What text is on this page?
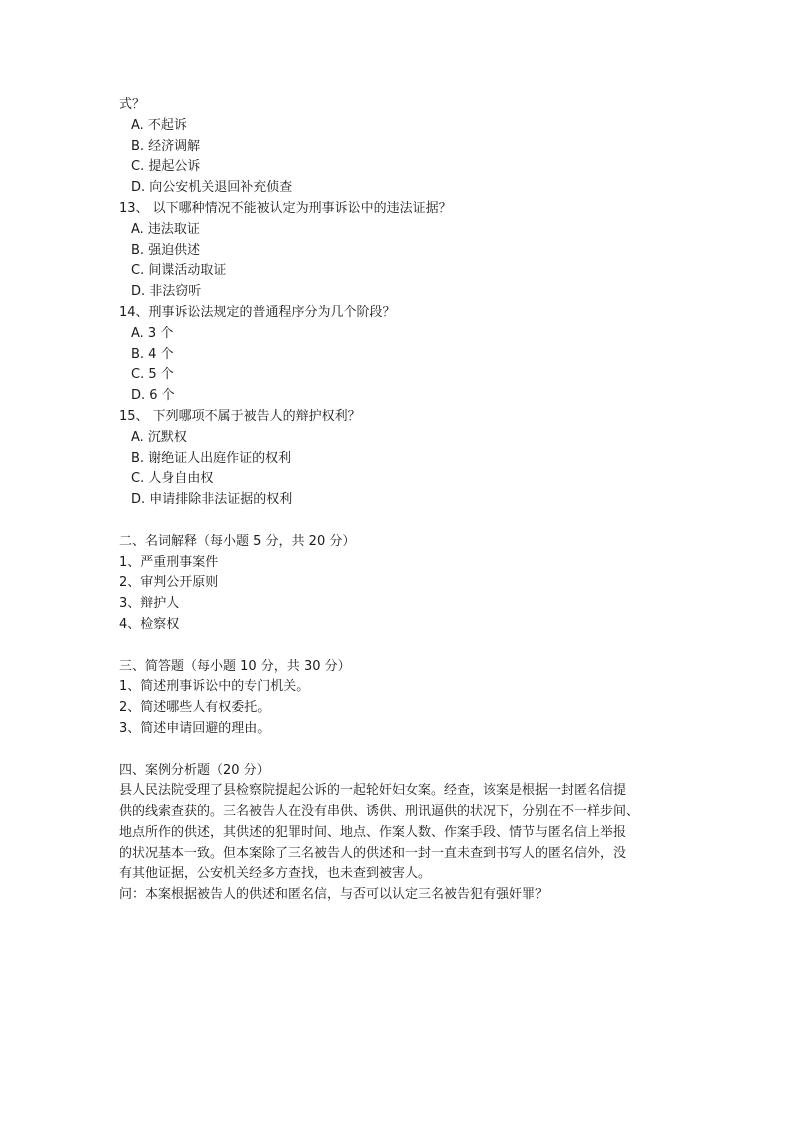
式？
A. 不起诉
B. 经济调解
C. 提起公诉
D. 向公安机关退回补充侦查
13、 以下哪种情况不能被认定为刑事诉讼中的违法证据？
A. 违法取证
B. 强迫供述
C. 间谍活动取证
D. 非法窃听
14、刑事诉讼法规定的普通程序分为几个阶段？
A. 3 个
B. 4 个
C. 5 个
D. 6 个
15、 下列哪项不属于被告人的辩护权利？
A. 沉默权
B. 谢绝证人出庭作证的权利
C. 人身自由权
D. 申请排除非法证据的权利
二、名词解释（每小题 5 分，共 20 分）
1、严重刑事案件
2、审判公开原则
3、辩护人
4、检察权
三、简答题（每小题 10 分，共 30 分）
1、简述刑事诉讼中的专门机关。
2、简述哪些人有权委托。
3、简述申请回避的理由。
四、案例分析题（20 分）
县人民法院受理了县检察院提起公诉的一起轮奸妇女案。经查，该案是根据一封匿名信提
供的线索查获的。三名被告人在没有串供、诱供、刑讯逼供的状况下，分别在不一样步间、
地点所作的供述，其供述的犯罪时间、地点、作案人数、作案手段、情节与匿名信上举报
的状况基本一致。但本案除了三名被告人的供述和一封一直未查到书写人的匿名信外，没
有其他证据，公安机关经多方查找，也未查到被害人。
问：本案根据被告人的供述和匿名信，与否可以认定三名被告犯有强奸罪？
